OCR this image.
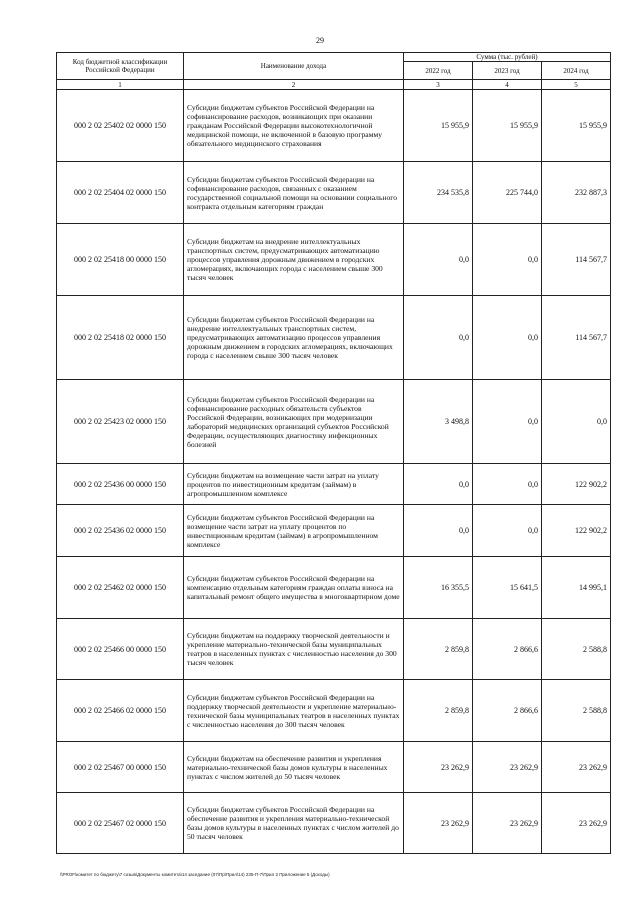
29
Код бюджетной классификации Российской Федерации	Наименование дохода	Сумма (тыс. рублей)		
		2022 год	2023 год	2024 год
1	2	3	4	5
000 2 02 25402 02 0000 150	Субсидии бюджетам субъектов Российской Федерации на софинансирование расходов, возникающих при оказании гражданам Российской Федерации высокотехнологичной медицинской помощи, не включенной в базовую программу обязательного медицинского страхования	15 955,9	15 955,9	15 955,9
000 2 02 25404 02 0000 150	Субсидии бюджетам субъектов Российской Федерации на софинансирование расходов, связанных с оказанием государственной социальной помощи на основании социального контракта отдельным категориям граждан	234 535,8	225 744,0	232 887,3
000 2 02 25418 00 0000 150	Субсидии бюджетам на внедрение интеллектуальных транспортных систем, предусматривающих автоматизацию процессов управления дорожным движением в городских агломерациях, включающих города с населением свыше 300 тысяч человек	0,0	0,0	114 567,7
000 2 02 25418 02 0000 150	Субсидии бюджетам субъектов Российской Федерации на внедрение интеллектуальных транспортных систем, предусматривающих автоматизацию процессов управления дорожным движением в городских агломерациях, включающих города с населением свыше 300 тысяч человек	0,0	0,0	114 567,7
000 2 02 25423 02 0000 150	Субсидии бюджетам субъектов Российской Федерации на софинансирование расходных обязательств субъектов Российской Федерации, возникающих при модернизации лабораторий медицинских организаций субъектов Российской Федерации, осуществляющих диагностику инфекционных болезней	3 498,8	0,0	0,0
000 2 02 25436 00 0000 150	Субсидии бюджетам на возмещение части затрат на уплату процентов по инвестиционным кредитам (займам) в агропромышленном комплексе	0,0	0,0	122 902,2
000 2 02 25436 02 0000 150	Субсидии бюджетам субъектов Российской Федерации на возмещение части затрат на уплату процентов по инвестиционным кредитам (займам) в агропромышленном комплексе	0,0	0,0	122 902,2
000 2 02 25462 02 0000 150	Субсидии бюджетам субъектов Российской Федерации на компенсацию отдельным категориям граждан оплаты взноса на капитальный ремонт общего имущества в многоквартирном доме	16 355,5	15 641,5	14 995,1
000 2 02 25466 00 0000 150	Субсидии бюджетам на поддержку творческой деятельности и укрепление материально-технической базы муниципальных театров в населенных пунктах с численностью населения до 300 тысяч человек	2 859,8	2 866,6	2 588,8
000 2 02 25466 02 0000 150	Субсидии бюджетам субъектов Российской Федерации на поддержку творческой деятельности и укрепление материально-технической базы муниципальных театров в населенных пунктах с численностью населения до 300 тысяч человек	2 859,8	2 866,6	2 588,8
000 2 02 25467 00 0000 150	Субсидии бюджетам на обеспечение развития и укрепления материально-технической базы домов культуры в населенных пунктах с числом жителей до 50 тысяч человек	23 262,9	23 262,9	23 262,9
000 2 02 25467 02 0000 150	Субсидии бюджетам субъектов Российской Федерации на обеспечение развития и укрепления материально-технической базы домов культуры в населенных пунктах с числом жителей до 50 тысяч человек	23 262,9	23 262,9	23 262,9
\\PROF\комитет по бюджету\7 созыв\Документы комитета\14 заседание (07\Пр\Прил\14) 235-П-7\Прил 2 Приложение 5 (Доходы)
